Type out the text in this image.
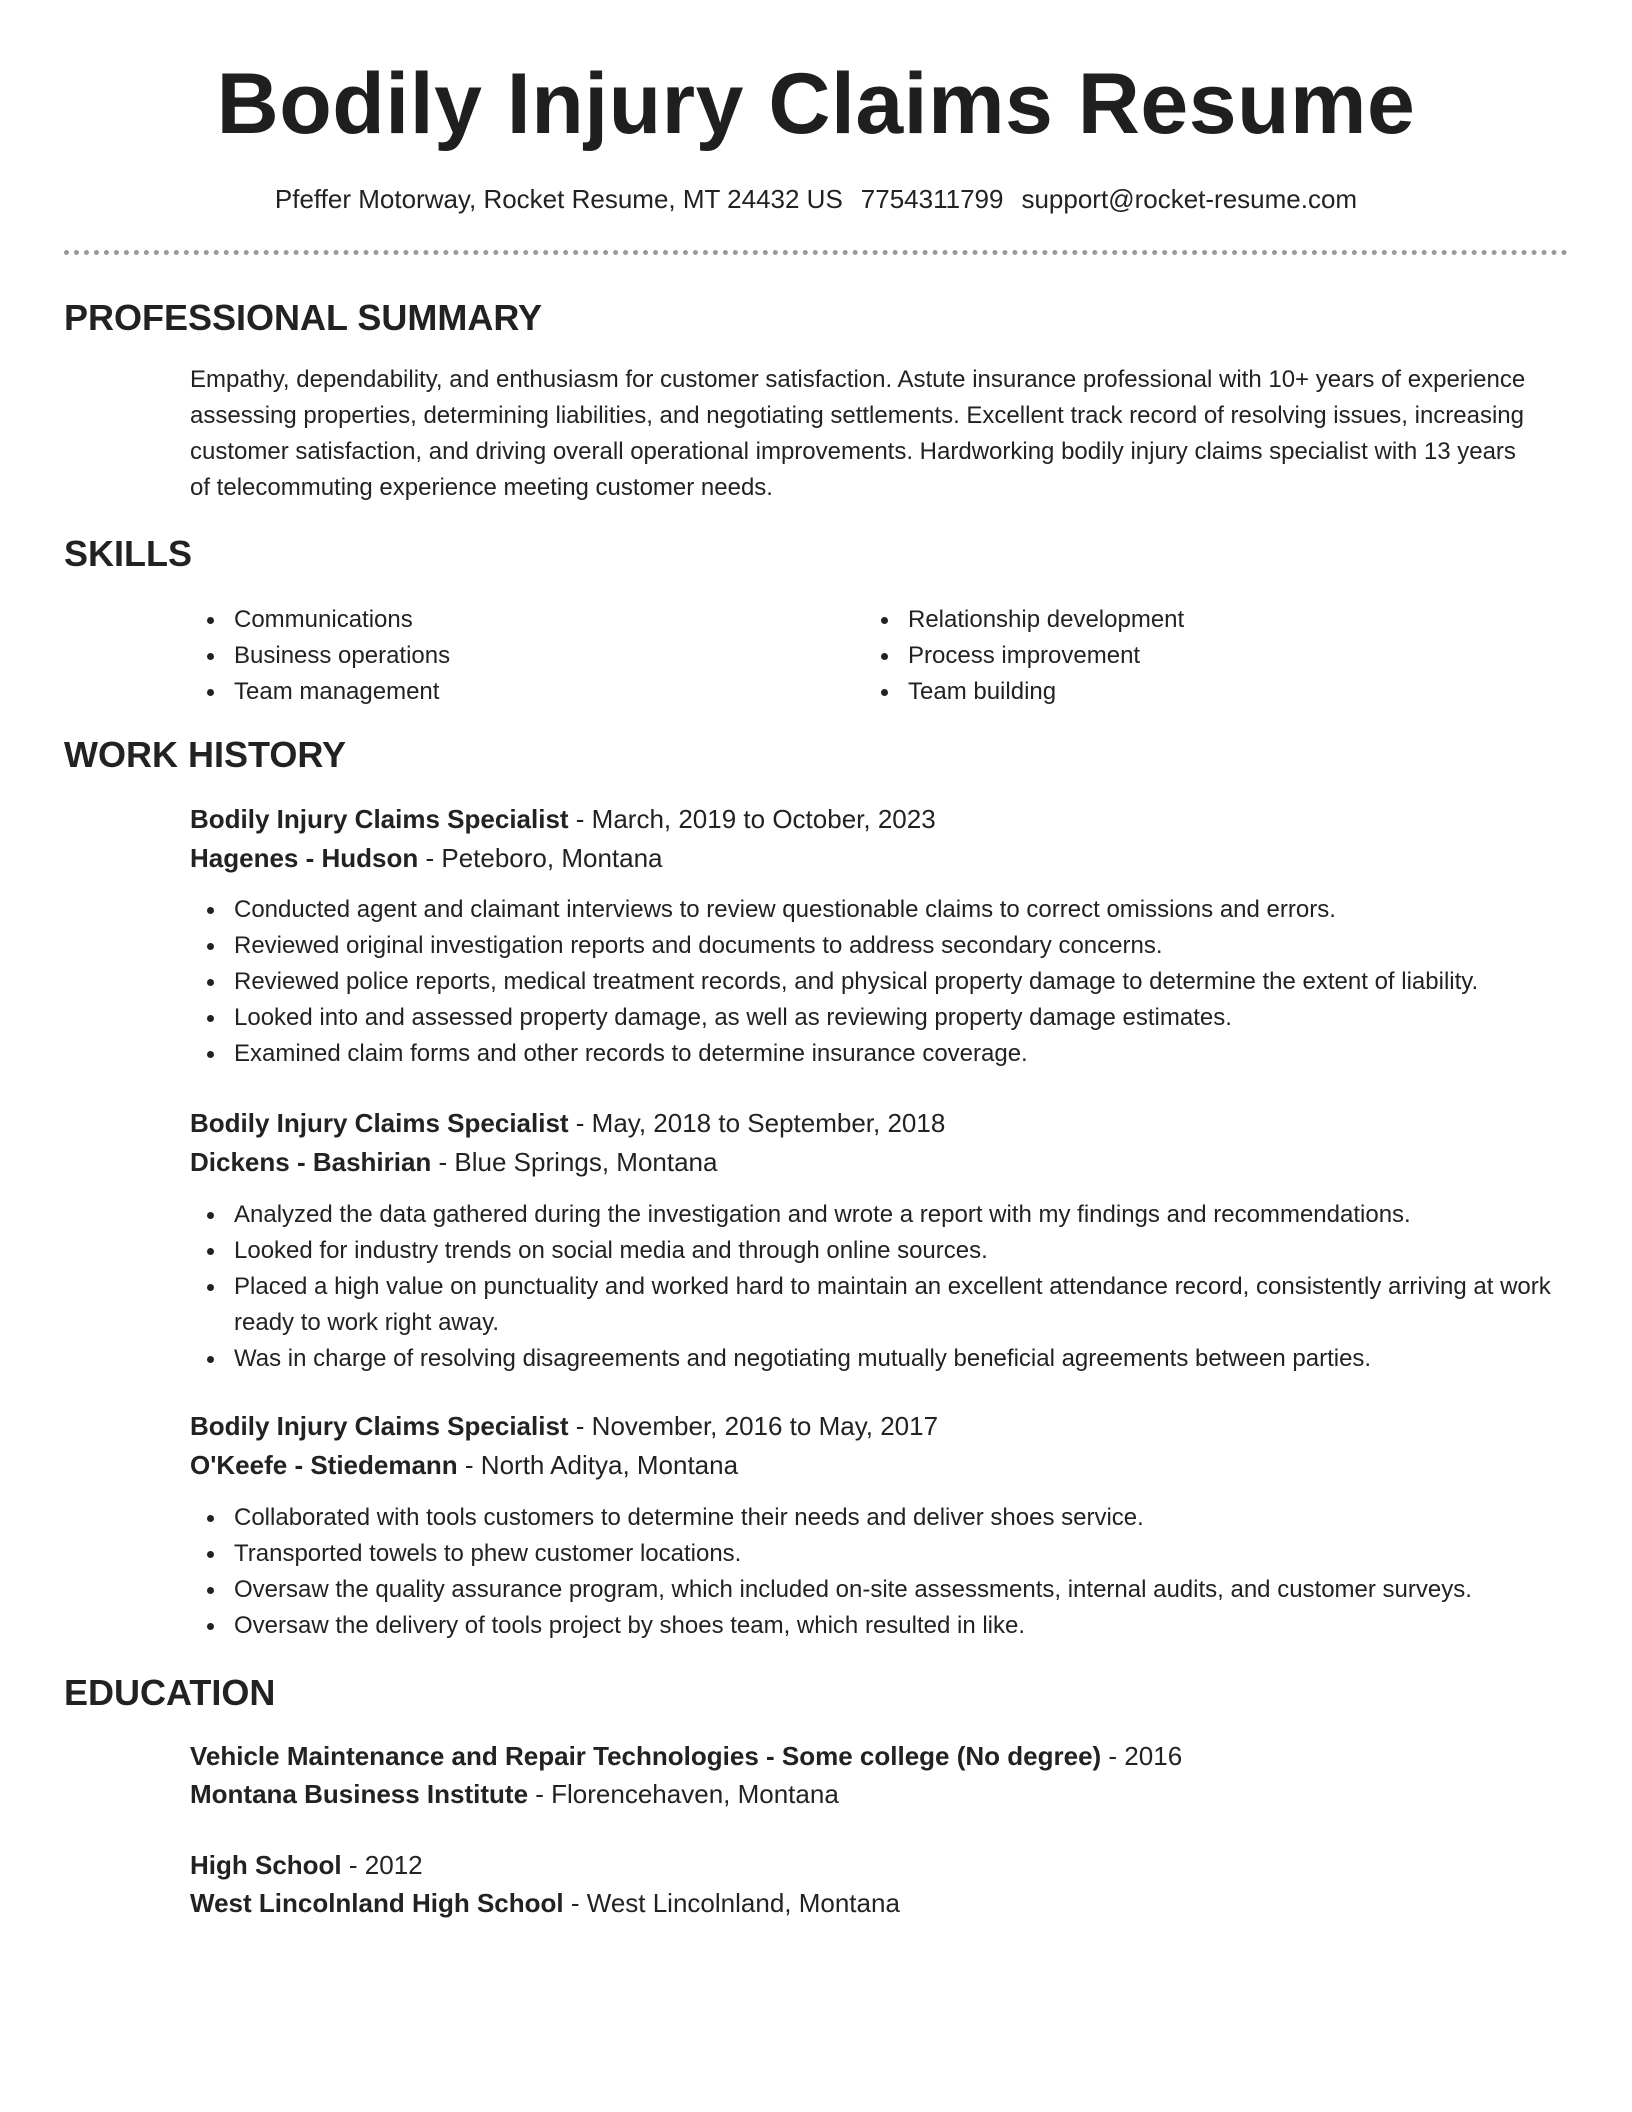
Bodily Injury Claims Resume
Pfeffer Motorway, Rocket Resume, MT 24432 US 7754311799 support@rocket-resume.com
PROFESSIONAL SUMMARY

Empathy, dependability, and enthusiasm for customer satisfaction. Astute insurance professional with 10+ years of experience assessing properties, determining liabilities, and negotiating settlements. Excellent track record of resolving issues, increasing customer satisfaction, and driving overall operational improvements. Hardworking bodily injury claims specialist with 13 years of telecommuting experience meeting customer needs.

SKILLS
Communications
Business operations
Team management
Relationship development
Process improvement
Team building
WORK HISTORY

Bodily Injury Claims Specialist - March, 2019 to October, 2023

Hagenes - Hudson - Peteboro, Montana

Conducted agent and claimant interviews to review questionable claims to correct omissions and errors.
Reviewed original investigation reports and documents to address secondary concerns.
Reviewed police reports, medical treatment records, and physical property damage to determine the extent of liability.
Looked into and assessed property damage, as well as reviewing property damage estimates.
Examined claim forms and other records to determine insurance coverage.

Bodily Injury Claims Specialist - May, 2018 to September, 2018

Dickens - Bashirian - Blue Springs, Montana

Analyzed the data gathered during the investigation and wrote a report with my findings and recommendations.
Looked for industry trends on social media and through online sources.
Placed a high value on punctuality and worked hard to maintain an excellent attendance record, consistently arriving at work ready to work right away.
Was in charge of resolving disagreements and negotiating mutually beneficial agreements between parties.

Bodily Injury Claims Specialist - November, 2016 to May, 2017

O'Keefe - Stiedemann - North Aditya, Montana

Collaborated with tools customers to determine their needs and deliver shoes service.
Transported towels to phew customer locations.
Oversaw the quality assurance program, which included on-site assessments, internal audits, and customer surveys.
Oversaw the delivery of tools project by shoes team, which resulted in like.
EDUCATION

Vehicle Maintenance and Repair Technologies - Some college (No degree) - 2016

Montana Business Institute - Florencehaven, Montana

High School - 2012

West Lincolnland High School - West Lincolnland, Montana
